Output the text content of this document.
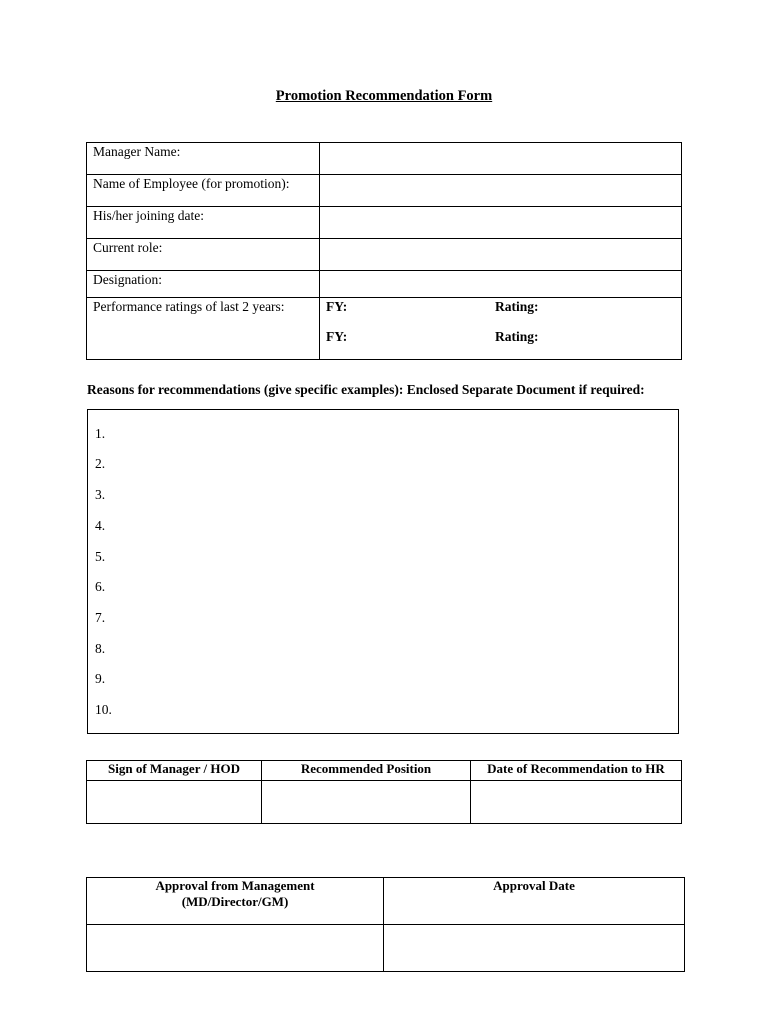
Promotion Recommendation Form
Manager Name:	
Name of Employee (for promotion):	
His/her joining date:	
Current role:	
Designation:	
Performance ratings of last 2 years:	FY: Rating:
FY: Rating:
Reasons for recommendations (give specific examples): Enclosed Separate Document if required:
1.
2.
3.
4.
5.
6.
7.
8.
9.
10.
Sign of Manager / HOD	Recommended Position	Date of Recommendation to HR

Approval from Management
(MD/Director/GM)	Approval Date
